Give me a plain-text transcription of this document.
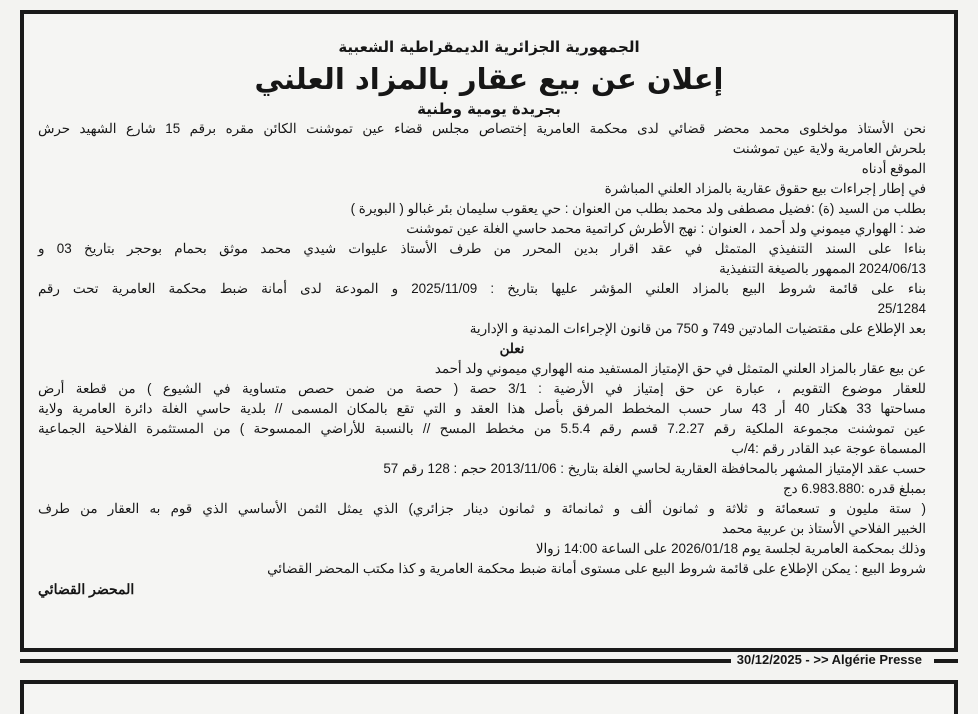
الجمهورية الجزائرية الديمقراطية الشعبية
إعلان عن بيع عقار بالمزاد العلني
بجريدة يومية وطنية
نحن الأستاذ مولخلوى محمد محضر قضائي لدى محكمة العامرية إختصاص مجلس قضاء عين تموشنت الكائن مقره برقم 15 شارع الشهيد حرش
بلحرش العامرية ولاية عين تموشنت
الموقع أدناه
في إطار إجراءات بيع حقوق عقارية بالمزاد العلني المباشرة
بطلب من السيد (ة) :فضيل مصطفى ولد محمد بطلب من العنوان : حي يعقوب سليمان بئر غبالو ( البويرة )
ضد : الهواري ميموني ولد أحمد ، العنوان : نهج الأطرش كراتمية محمد حاسي الغلة عين تموشنت
بناءا على السند التنفيذي المتمثل في عقد اقرار بدين المحرر من طرف الأستاذ عليوات شيدي محمد موثق بحمام بوحجر بتاريخ 03 و
2024/06/13 الممهور بالصيغة التنفيذية
بناء على قائمة شروط البيع بالمزاد العلني المؤشر عليها بتاريخ : 2025/11/09 و المودعة لدى أمانة ضبط محكمة العامرية تحت رقم
25/1284
بعد الإطلاع على مقتضيات المادتين 749 و 750 من قانون الإجراءات المدنية و الإدارية
نعلن
عن بيع عقار بالمزاد العلني المتمثل في حق الإمتياز المستفيد منه الهواري ميموني ولد أحمد
للعقار موضوع التقويم ، عبارة عن حق إمتياز في الأرضية : 3/1 حصة ( حصة من ضمن حصص متساوية في الشيوع ) من قطعة أرض
مساحتها 33 هكتار 40 أر 43 سار حسب المخطط المرفق بأصل هذا العقد و التي تقع بالمكان المسمى // بلدية حاسي الغلة دائرة العامرية ولاية
عين تموشنت مجموعة الملكية رقم 7.2.27 قسم رقم 5.5.4 من مخطط المسح // بالنسبة للأراضي الممسوحة ) من المستثمرة الفلاحية الجماعية
المسماة عوجة عبد القادر رقم :4/ب
حسب عقد الإمتياز المشهر بالمحافظة العقارية لحاسي الغلة بتاريخ : 2013/11/06 حجم : 128 رقم 57
بمبلغ قدره :6.983.880 دج
( ستة مليون و تسعمائة و ثلاثة و ثمانون ألف و ثمانمائة و ثمانون دينار جزائري) الذي يمثل الثمن الأساسي الذي قوم به العقار من طرف
الخبير الفلاحي الأستاذ بن عربية محمد
وذلك بمحكمة العامرية لجلسة يوم 2026/01/18 على الساعة 14:00 زوالا
شروط البيع : يمكن الإطلاع على قائمة شروط البيع على مستوى أمانة ضبط محكمة العامرية و كذا مكتب المحضر القضائي
المحضر القضائي
30/12/2025 - >> Algérie Presse
